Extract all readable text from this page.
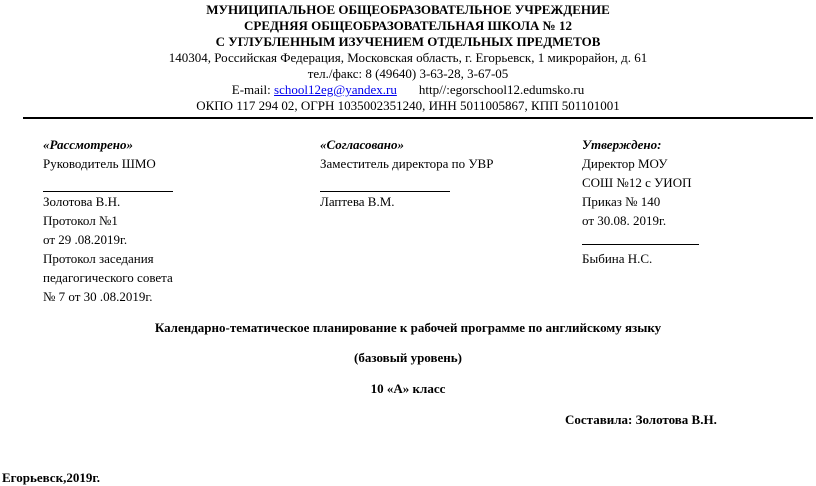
МУНИЦИПАЛЬНОЕ ОБЩЕОБРАЗОВАТЕЛЬНОЕ УЧРЕЖДЕНИЕ
СРЕДНЯЯ ОБЩЕОБРАЗОВАТЕЛЬНАЯ ШКОЛА № 12
С УГЛУБЛЕННЫМ ИЗУЧЕНИЕМ ОТДЕЛЬНЫХ ПРЕДМЕТОВ
140304, Российская Федерация, Московская область, г. Егорьевск, 1 микрорайон, д. 61
тел./факс: 8 (49640) 3-63-28, 3-67-05
E-mail: school12eg@yandex.ru http//:egorschool12.edumsko.ru
ОКПО 117 294 02, ОГРН 1035002351240, ИНН 5011005867, КПП 501101001
«Рассмотрено»
Руководитель ШМО
Золотова В.Н.
Протокол №1
от 29 .08.2019г.
Протокол заседания
педагогического совета
№ 7 от 30 .08.2019г.
«Согласовано»
Заместитель директора по УВР
Лаптева В.М.
Утверждено:
Директор МОУ
СОШ №12 с УИОП
Приказ № 140
от 30.08. 2019г.
Быбина Н.С.
Календарно-тематическое планирование к рабочей программе по английскому языку
(базовый уровень)
10 «А» класс
Составила: Золотова В.Н.
Егорьевск,2019г.
